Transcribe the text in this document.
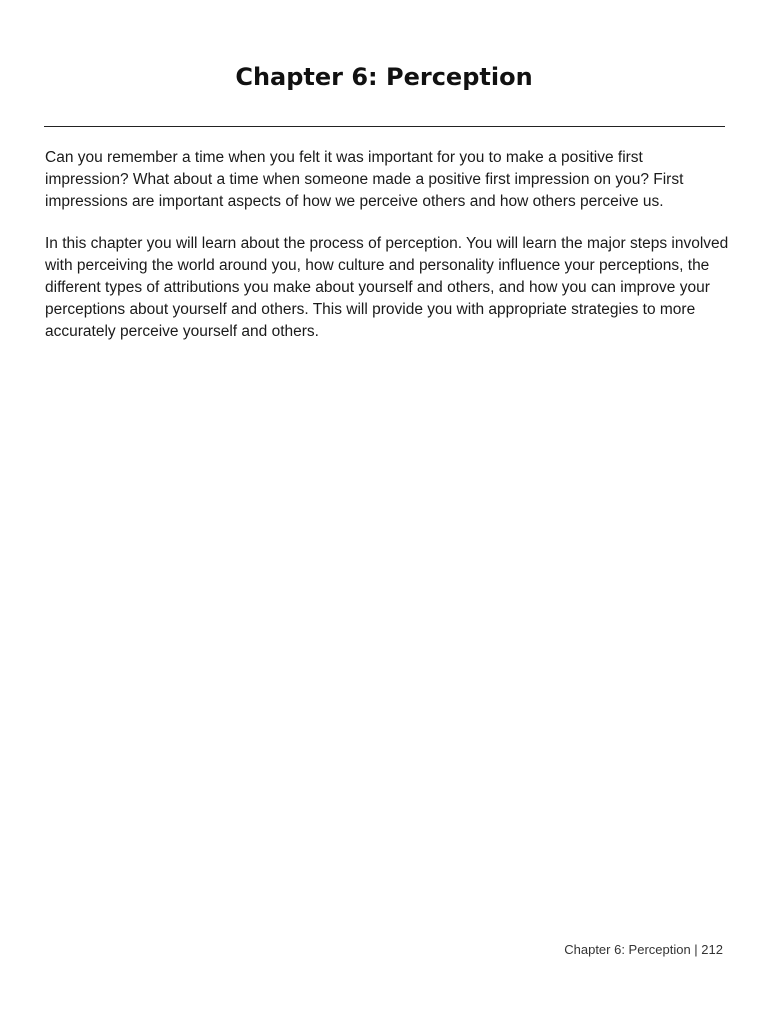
Chapter 6: Perception

Can you remember a time when you felt it was important for you to make a positive first impression? What about a time when someone made a positive first impression on you? First impressions are important aspects of how we perceive others and how others perceive us.

In this chapter you will learn about the process of perception. You will learn the major steps involved with perceiving the world around you, how culture and personality influence your perceptions, the different types of attributions you make about yourself and others, and how you can improve your perceptions about yourself and others. This will provide you with appropriate strategies to more accurately perceive yourself and others.

Chapter 6: Perception | 212
